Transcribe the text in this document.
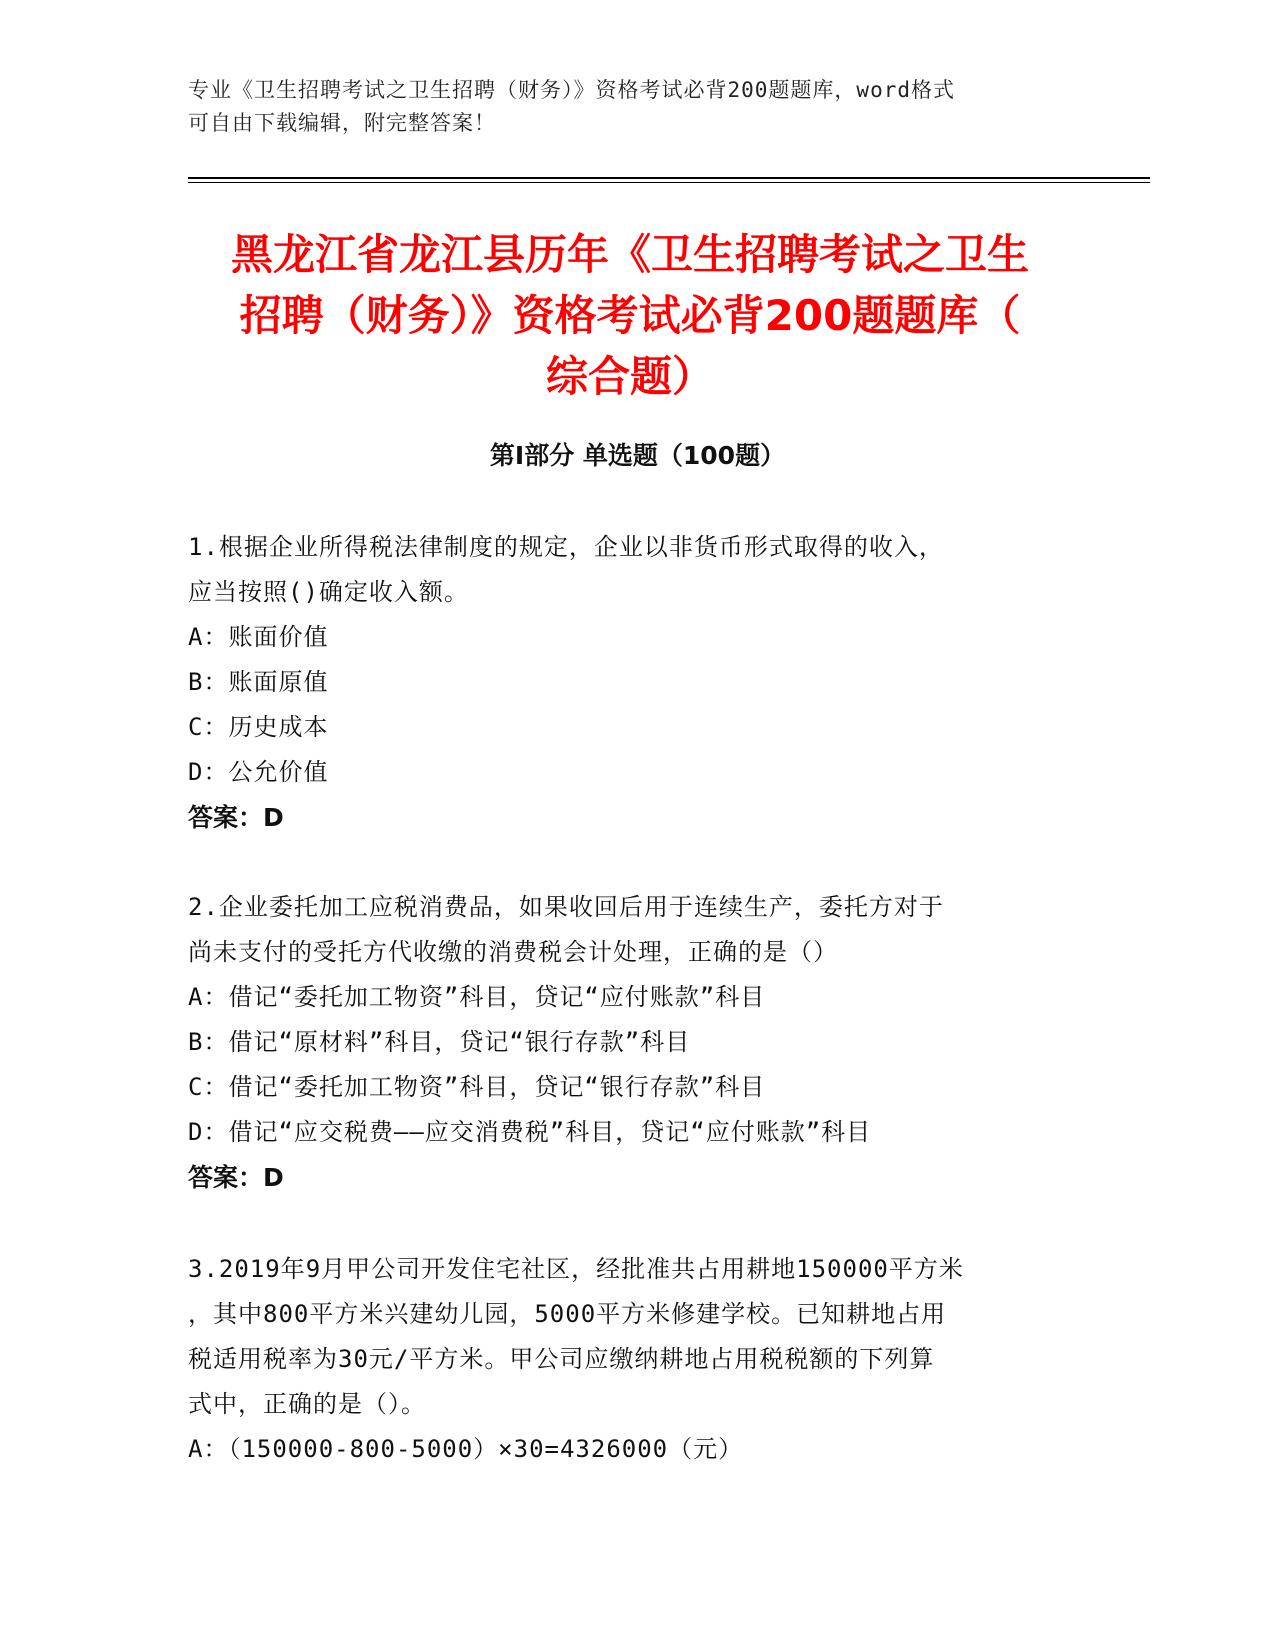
专业《卫生招聘考试之卫生招聘（财务）》资格考试必背200题题库，word格式
可自由下载编辑，附完整答案！
黑龙江省龙江县历年《卫生招聘考试之卫生
招聘（财务）》资格考试必背200题题库（
综合题）
第Ⅰ部分 单选题（100题）
1.根据企业所得税法律制度的规定，企业以非货币形式取得的收入，
应当按照()确定收入额。
A：账面价值
B：账面原值
C：历史成本
D：公允价值
答案：D
2.企业委托加工应税消费品，如果收回后用于连续生产，委托方对于
尚未支付的受托方代收缴的消费税会计处理，正确的是（）
A：借记“委托加工物资”科目，贷记“应付账款”科目
B：借记“原材料”科目，贷记“银行存款”科目
C：借记“委托加工物资”科目，贷记“银行存款”科目
D：借记“应交税费——应交消费税”科目，贷记“应付账款”科目
答案：D
3.2019年9月甲公司开发住宅社区，经批准共占用耕地150000平方米
，其中800平方米兴建幼儿园，5000平方米修建学校。已知耕地占用
税适用税率为30元/平方米。甲公司应缴纳耕地占用税税额的下列算
式中，正确的是（）。
A：（150000-800-5000）×30=4326000（元）
